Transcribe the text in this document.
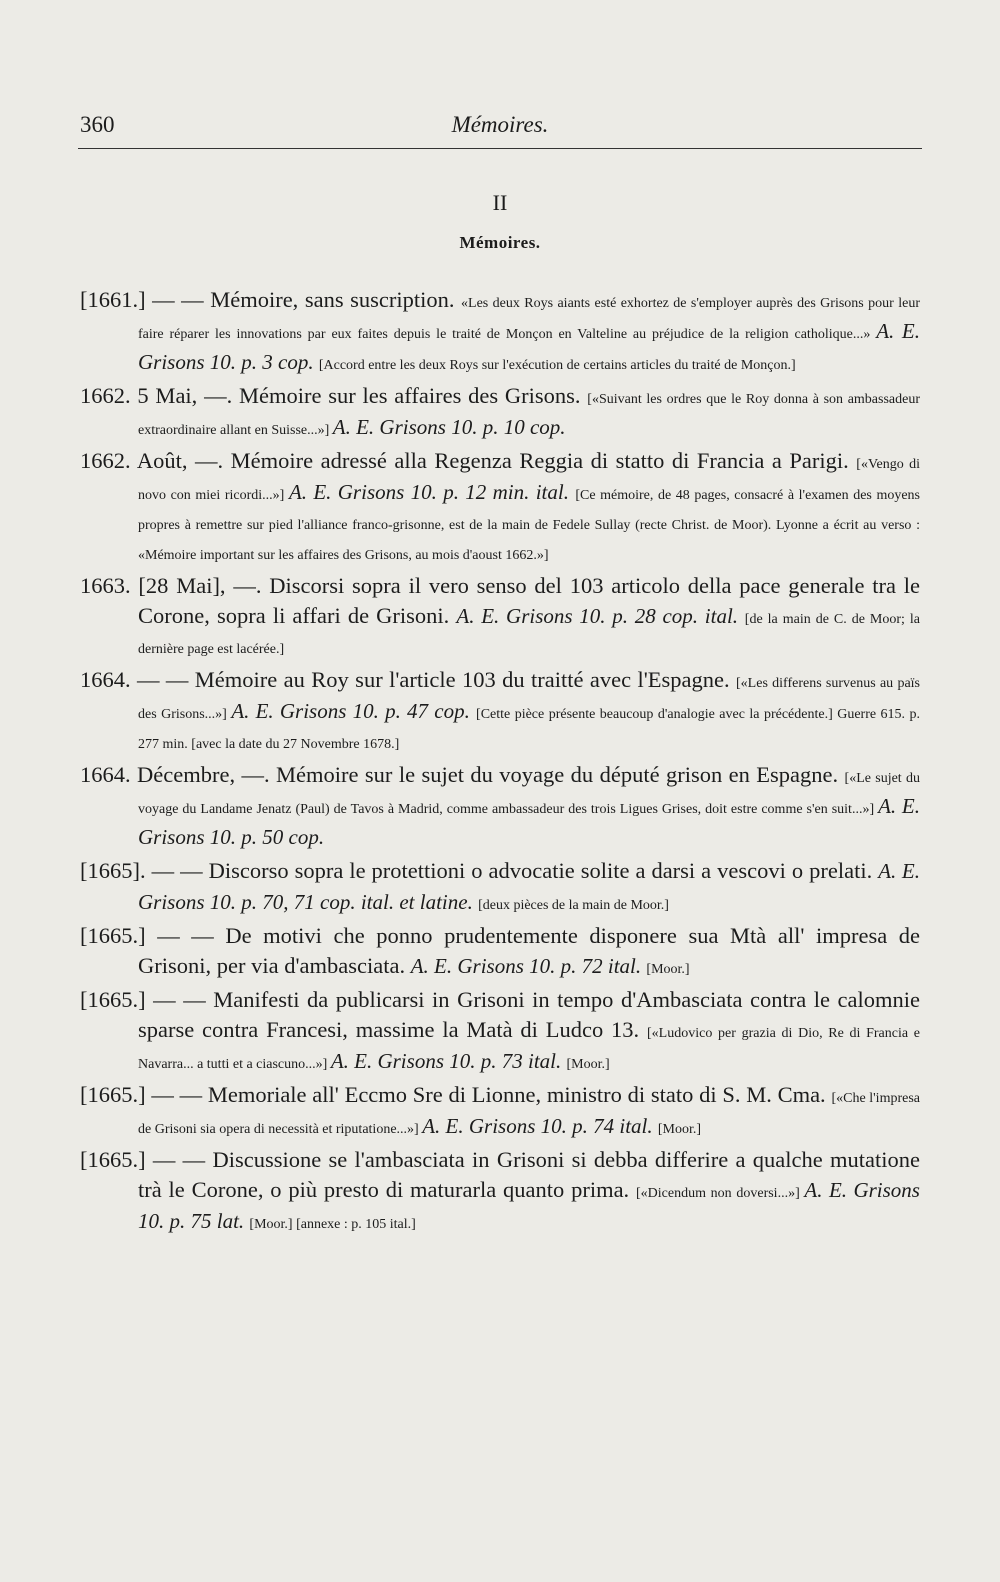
360	Mémoires.
II
Mémoires.

[1661.] — — Mémoire, sans suscription. «Les deux Roys aiants esté exhortez de s'employer auprès des Grisons pour leur faire réparer les innovations par eux faites depuis le traité de Monçon en Valteline au préjudice de la religion catholique...» A. E. Grisons 10. p. 3 cop. [Accord entre les deux Roys sur l'exécution de certains articles du traité de Monçon.]

1662. 5 Mai, —. Mémoire sur les affaires des Grisons. [«Suivant les ordres que le Roy donna à son ambassadeur extraordinaire allant en Suisse...»] A. E. Grisons 10. p. 10 cop.

1662. Août, —. Mémoire adressé alla Regenza Reggia di statto di Francia a Parigi. [«Vengo di novo con miei ricordi...»] A. E. Grisons 10. p. 12 min. ital. [Ce mémoire, de 48 pages, consacré à l'examen des moyens propres à remettre sur pied l'alliance franco-grisonne, est de la main de Fedele Sullay (recte Christ. de Moor). Lyonne a écrit au verso : «Mémoire important sur les affaires des Grisons, au mois d'aoust 1662.»]

1663. [28 Mai], —. Discorsi sopra il vero senso del 103 articolo della pace generale tra le Corone, sopra li affari de Grisoni. A. E. Grisons 10. p. 28 cop. ital. [de la main de C. de Moor; la dernière page est lacérée.]

1664. — — Mémoire au Roy sur l'article 103 du traitté avec l'Espagne. [«Les differens survenus au païs des Grisons...»] A. E. Grisons 10. p. 47 cop. [Cette pièce présente beaucoup d'analogie avec la précédente.] Guerre 615. p. 277 min. [avec la date du 27 Novembre 1678.]

1664. Décembre, —. Mémoire sur le sujet du voyage du député grison en Espagne. [«Le sujet du voyage du Landame Jenatz (Paul) de Tavos à Madrid, comme ambassadeur des trois Ligues Grises, doit estre comme s'en suit...»] A. E. Grisons 10. p. 50 cop.

[1665]. — — Discorso sopra le protettioni o advocatie solite a darsi a vescovi o prelati. A. E. Grisons 10. p. 70, 71 cop. ital. et latine. [deux pièces de la main de Moor.]

[1665.] — — De motivi che ponno prudentemente disponere sua Mtà all' impresa de Grisoni, per via d'ambasciata. A. E. Grisons 10. p. 72 ital. [Moor.]

[1665.] — — Manifesti da publicarsi in Grisoni in tempo d'Ambasciata contra le calomnie sparse contra Francesi, massime la Matà di Ludco 13. [«Ludovico per grazia di Dio, Re di Francia e Navarra... a tutti et a ciascuno...»] A. E. Grisons 10. p. 73 ital. [Moor.]

[1665.] — — Memoriale all' Eccmo Sre di Lionne, ministro di stato di S. M. Cma. [«Che l'impresa de Grisoni sia opera di necessità et riputatione...»] A. E. Grisons 10. p. 74 ital. [Moor.]

[1665.] — — Discussione se l'ambasciata in Grisoni si debba differire a qualche mutatione trà le Corone, o più presto di maturarla quanto prima. [«Dicendum non doversi...»] A. E. Grisons 10. p. 75 lat. [Moor.] [annexe : p. 105 ital.]
